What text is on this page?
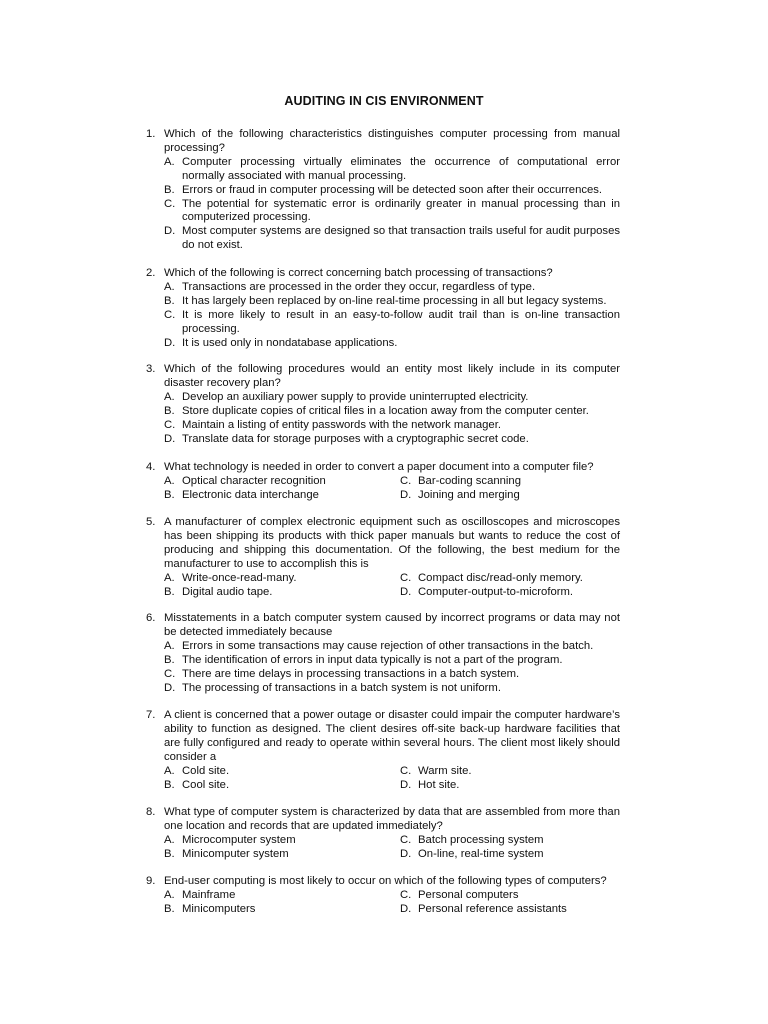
AUDITING IN CIS ENVIRONMENT
1. Which of the following characteristics distinguishes computer processing from manual processing?
A. Computer processing virtually eliminates the occurrence of computational error normally associated with manual processing.
B. Errors or fraud in computer processing will be detected soon after their occurrences.
C. The potential for systematic error is ordinarily greater in manual processing than in computerized processing.
D. Most computer systems are designed so that transaction trails useful for audit purposes do not exist.
2. Which of the following is correct concerning batch processing of transactions?
A. Transactions are processed in the order they occur, regardless of type.
B. It has largely been replaced by on-line real-time processing in all but legacy systems.
C. It is more likely to result in an easy-to-follow audit trail than is on-line transaction processing.
D. It is used only in nondatabase applications.
3. Which of the following procedures would an entity most likely include in its computer disaster recovery plan?
A. Develop an auxiliary power supply to provide uninterrupted electricity.
B. Store duplicate copies of critical files in a location away from the computer center.
C. Maintain a listing of entity passwords with the network manager.
D. Translate data for storage purposes with a cryptographic secret code.
4. What technology is needed in order to convert a paper document into a computer file?
A. Optical character recognition	C. Bar-coding scanning
B. Electronic data interchange	D. Joining and merging
5. A manufacturer of complex electronic equipment such as oscilloscopes and microscopes has been shipping its products with thick paper manuals but wants to reduce the cost of producing and shipping this documentation. Of the following, the best medium for the manufacturer to use to accomplish this is
A. Write-once-read-many.	C. Compact disc/read-only memory.
B. Digital audio tape.	D. Computer-output-to-microform.
6. Misstatements in a batch computer system caused by incorrect programs or data may not be detected immediately because
A. Errors in some transactions may cause rejection of other transactions in the batch.
B. The identification of errors in input data typically is not a part of the program.
C. There are time delays in processing transactions in a batch system.
D. The processing of transactions in a batch system is not uniform.
7. A client is concerned that a power outage or disaster could impair the computer hardware’s ability to function as designed. The client desires off-site back-up hardware facilities that are fully configured and ready to operate within several hours. The client most likely should consider a
A. Cold site.	C. Warm site.
B. Cool site.	D. Hot site.
8. What type of computer system is characterized by data that are assembled from more than one location and records that are updated immediately?
A. Microcomputer system	C. Batch processing system
B. Minicomputer system	D. On-line, real-time system
9. End-user computing is most likely to occur on which of the following types of computers?
A. Mainframe	C. Personal computers
B. Minicomputers	D. Personal reference assistants
